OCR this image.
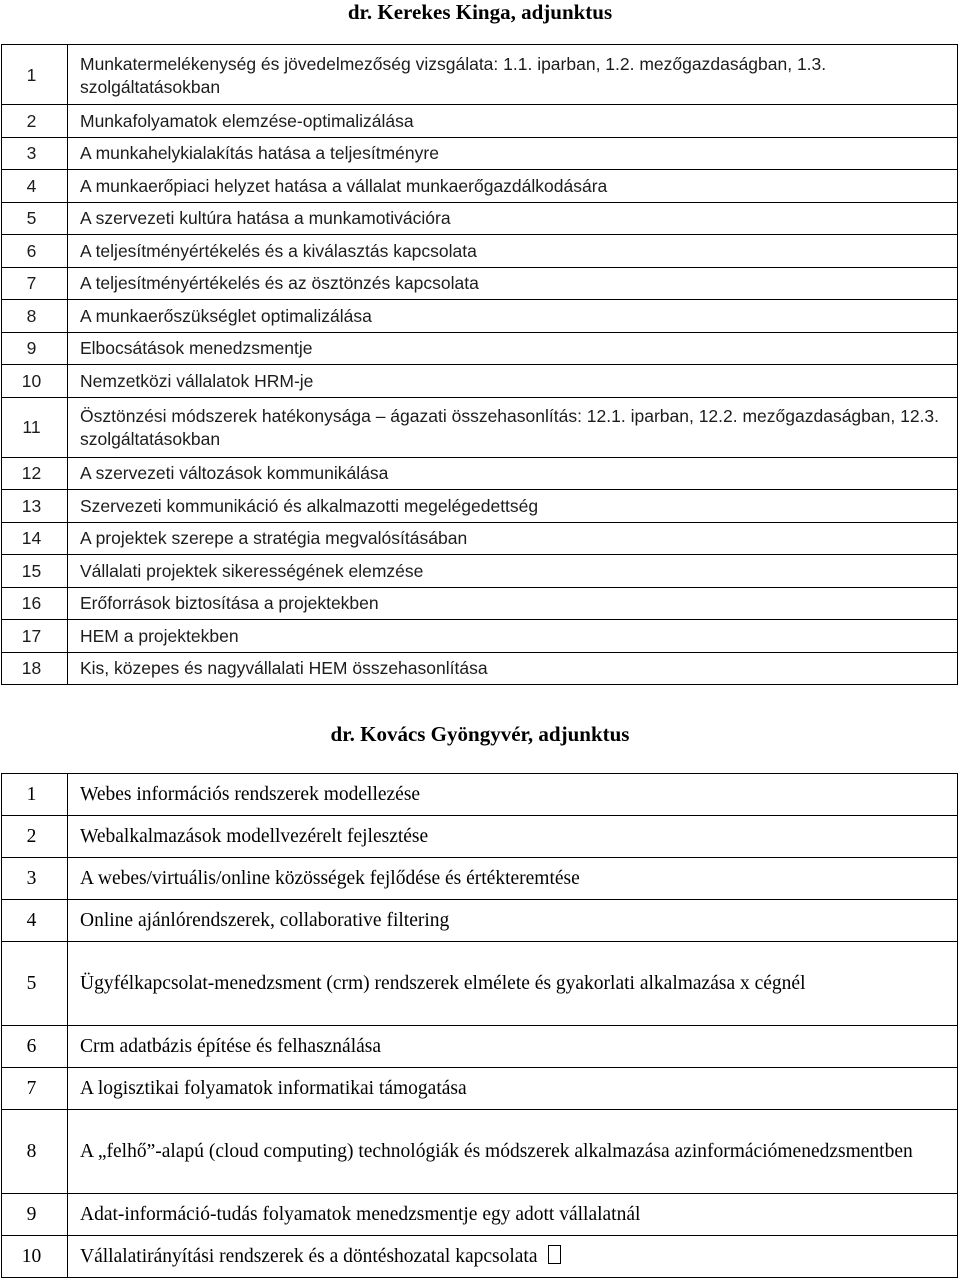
dr. Kerekes Kinga, adjunktus
1	Munkatermelékenység és jövedelmezőség vizsgálata: 1.1. iparban, 1.2. mezőgazdaságban, 1.3. szolgáltatásokban
2	Munkafolyamatok elemzése-optimalizálása
3	A munkahelykialakítás hatása a teljesítményre
4	A munkaerőpiaci helyzet hatása a vállalat munkaerőgazdálkodására
5	A szervezeti kultúra hatása a munkamotivációra
6	A teljesítményértékelés és a kiválasztás kapcsolata
7	A teljesítményértékelés és az ösztönzés kapcsolata
8	A munkaerőszükséglet optimalizálása
9	Elbocsátások menedzsmentje
10	Nemzetközi vállalatok HRM-je
11	Ösztönzési módszerek hatékonysága – ágazati összehasonlítás: 12.1. iparban, 12.2. mezőgazdaságban, 12.3. szolgáltatásokban
12	A szervezeti változások kommunikálása
13	Szervezeti kommunikáció és alkalmazotti megelégedettség
14	A projektek szerepe a stratégia megvalósításában
15	Vállalati projektek sikerességének elemzése
16	Erőforrások biztosítása a projektekben
17	HEM a projektekben
18	Kis, közepes és nagyvállalati HEM összehasonlítása
dr. Kovács Gyöngyvér, adjunktus
1	Webes információs rendszerek modellezése
2	Webalkalmazások modellvezérelt fejlesztése
3	A webes/virtuális/online közösségek fejlődése és értékteremtése
4	Online ajánlórendszerek, collaborative filtering
5	Ügyfélkapcsolat-menedzsment (crm) rendszerek elmélete és gyakorlati alkalmazása x cégnél
6	Crm adatbázis építése és felhasználása
7	A logisztikai folyamatok informatikai támogatása
8	A „felhő”-alapú (cloud computing) technológiák és módszerek alkalmazása azinformációmenedzsmentben
9	Adat-információ-tudás folyamatok menedzsmentje egy adott vállalatnál
10	Vállalatirányítási rendszerek és a döntéshozatal kapcsolata
